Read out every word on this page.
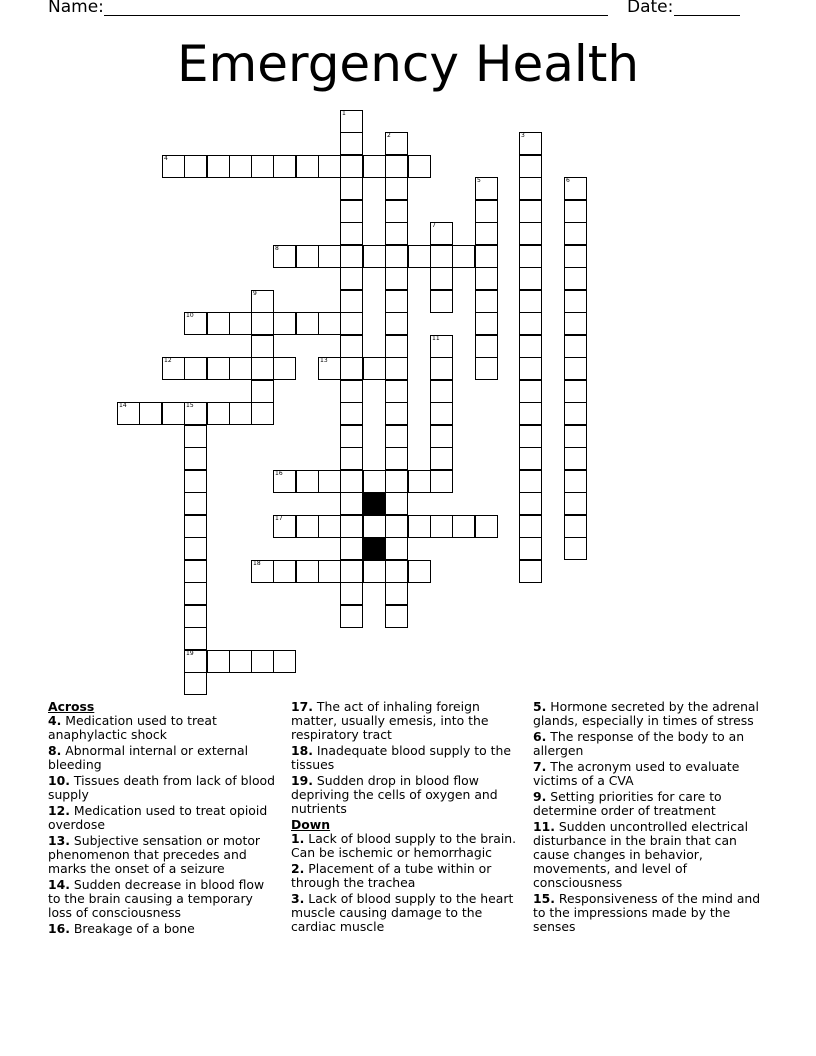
Name:	Date:
Emergency Health
1
2	3
4
5	6
7
8
9
10
11
12	13
14	15
19
16
17
18

Across

4. Medication used to treat anaphylactic shock
8. Abnormal internal or external bleeding
10. Tissues death from lack of blood supply
12. Medication used to treat opioid overdose
13. Subjective sensation or motor phenomenon that precedes and marks the onset of a seizure
14. Sudden decrease in blood flow to the brain causing a temporary loss of consciousness
16. Breakage of a bone
17. The act of inhaling foreign matter, usually emesis, into the respiratory tract
18. Inadequate blood supply to the tissues
19. Sudden drop in blood flow depriving the cells of oxygen and nutrients

Down

1. Lack of blood supply to the brain. Can be ischemic or hemorrhagic
2. Placement of a tube within or through the trachea
3. Lack of blood supply to the heart muscle causing damage to the cardiac muscle
5. Hormone secreted by the adrenal glands, especially in times of stress
6. The response of the body to an allergen
7. The acronym used to evaluate victims of a CVA
9. Setting priorities for care to determine order of treatment
11. Sudden uncontrolled electrical disturbance in the brain that can cause changes in behavior, movements, and level of consciousness
15. Responsiveness of the mind and to the impressions made by the senses
